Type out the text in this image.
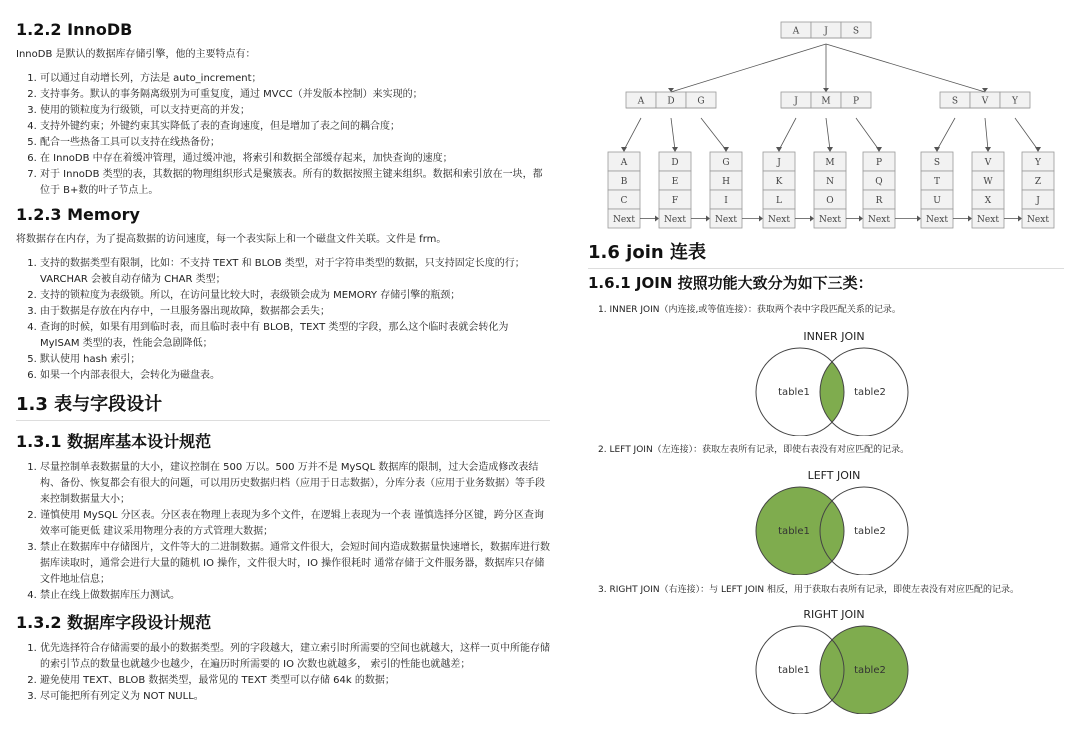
1.2.2 InnoDB

InnoDB 是默认的数据库存储引擎，他的主要特点有：

1. 可以通过自动增长列，方法是 auto_increment；
2. 支持事务。默认的事务隔离级别为可重复度，通过 MVCC（并发版本控制）来实现的；
3. 使用的锁粒度为行级锁，可以支持更高的并发；
4. 支持外键约束；外键约束其实降低了表的查询速度，但是增加了表之间的耦合度；
5. 配合一些热备工具可以支持在线热备份；
6. 在 InnoDB 中存在着缓冲管理，通过缓冲池，将索引和数据全部缓存起来，加快查询的速度；
7. 对于 InnoDB 类型的表，其数据的物理组织形式是聚簇表。所有的数据按照主键来组织。数据和索引放在一块，都位于 B+数的叶子节点上。
1.2.3 Memory

将数据存在内存，为了提高数据的访问速度，每一个表实际上和一个磁盘文件关联。文件是 frm。

1. 支持的数据类型有限制，比如：不支持 TEXT 和 BLOB 类型，对于字符串类型的数据，只支持固定长度的行；VARCHAR 会被自动存储为 CHAR 类型；
2. 支持的锁粒度为表级锁。所以，在访问量比较大时，表级锁会成为 MEMORY 存储引擎的瓶颈；
3. 由于数据是存放在内存中，一旦服务器出现故障，数据都会丢失；
4. 查询的时候，如果有用到临时表，而且临时表中有 BLOB，TEXT 类型的字段，那么这个临时表就会转化为 MyISAM 类型的表，性能会急剧降低；
5. 默认使用 hash 索引；
6. 如果一个内部表很大，会转化为磁盘表。
1.3 表与字段设计
1.3.1 数据库基本设计规范
1. 尽量控制单表数据量的大小，建议控制在 500 万以。500 万并不是 MySQL 数据库的限制，过大会造成修改表结构、备份、恢复都会有很大的问题，可以用历史数据归档（应用于日志数据），分库分表（应用于业务数据）等手段来控制数据量大小；
2. 谨慎使用 MySQL 分区表。分区表在物理上表现为多个文件，在逻辑上表现为一个表 谨慎选择分区键，跨分区查询效率可能更低 建议采用物理分表的方式管理大数据；
3. 禁止在数据库中存储图片，文件等大的二进制数据。通常文件很大，会短时间内造成数据量快速增长，数据库进行数据库读取时，通常会进行大量的随机 IO 操作，文件很大时，IO 操作很耗时 通常存储于文件服务器，数据库只存储文件地址信息；
4. 禁止在线上做数据库压力测试。
1.3.2 数据库字段设计规范
1. 优先选择符合存储需要的最小的数据类型。列的字段越大，建立索引时所需要的空间也就越大，这样一页中所能存储的索引节点的数量也就越少也越少，在遍历时所需要的 IO 次数也就越多， 索引的性能也就越差；
2. 避免使用 TEXT、BLOB 数据类型，最常见的 TEXT 类型可以存储 64k 的数据；
3. 尽可能把所有列定义为 NOT NULL。
A	J	S
A	D	G	J	M P	S	V	Y
A
B
C
Next
D
E
F
Next
G
H
I
Next
J
K
L
Next
M
N
O
Next
P
Q
R
Next
S
T
U
Next
V
W
X
Next
Y
Z
J
Next
1.6 join 连表
1.6.1 JOIN 按照功能大致分为如下三类：
1. INNER JOIN（内连接,或等值连接）：获取两个表中字段匹配关系的记录。
INNER JOIN
table1	table2
2. LEFT JOIN（左连接）：获取左表所有记录，即使右表没有对应匹配的记录。
LEFT JOIN
table1	table2
3. RIGHT JOIN（右连接）：与 LEFT JOIN 相反，用于获取右表所有记录，即使左表没有对应匹配的记录。
RIGHT JOIN
table1	table2
